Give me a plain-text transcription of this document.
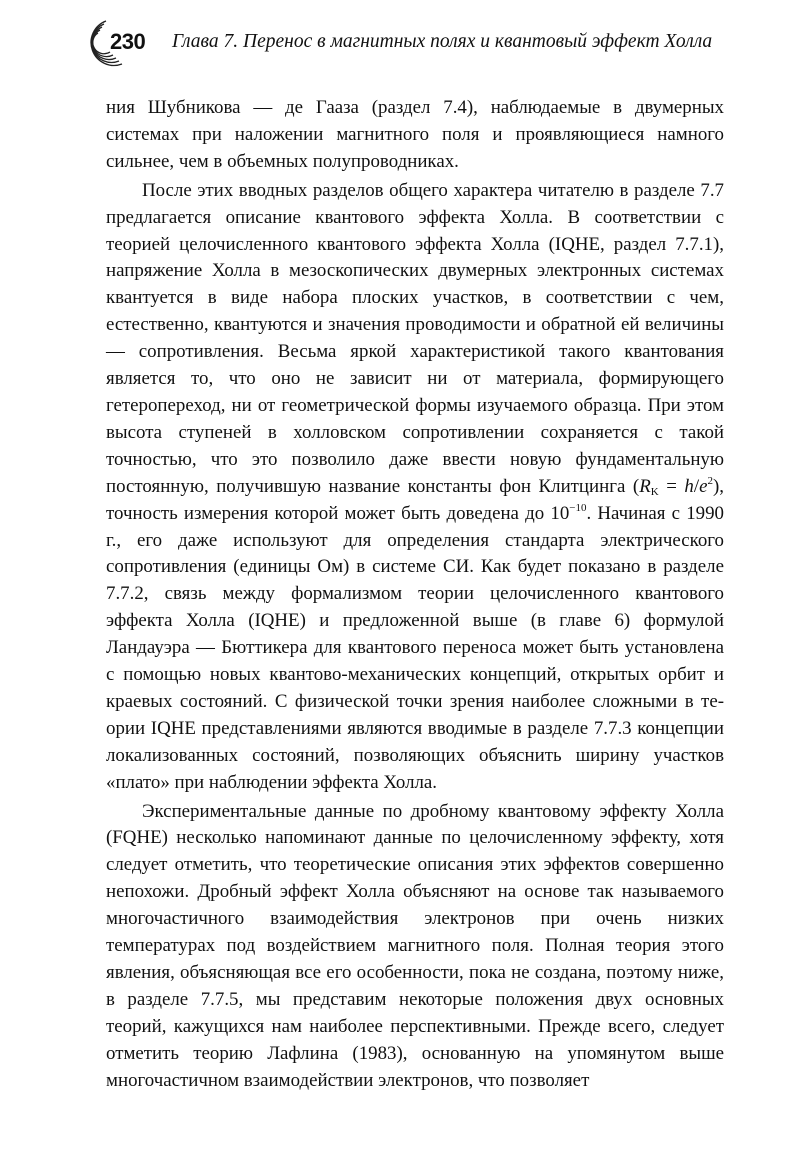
230 Глава 7. Перенос в магнитных полях и квантовый эффект Холла

ния Шубникова — де Гааза (раздел 7.4), наблюдаемые в двумерных системах при наложении магнитного поля и проявляющиеся намного сильнее, чем в объемных полупроводниках.

После этих вводных разделов общего характера читателю в разделе 7.7 предлагается описание квантового эффекта Холла. В соответствии с теорией целочисленного квантового эффекта Холла (IQHE, раздел 7.7.1), напряжение Холла в мезоскопических двумерных электронных системах квантуется в виде набора плоских участков, в соответствии с чем, естественно, квантуются и значения проводимости и обратной ей величины — сопротивления. Весьма яркой характеристикой такого квантования является то, что оно не зависит ни от материала, формирующего гетеропереход, ни от геометрической формы изучаемого образца. При этом высота ступеней в холловском сопротивлении сохраняется с такой точностью, что это позволило даже ввести новую фундаментальную постоянную, получившую название константы фон Клитцинга $(R_K = h/e^2)$, точность измерения которой может быть доведена до $10^{-10}$. Начиная с 1990 г., его даже используют для определения стандарта электрического сопротивления (единицы Ом) в системе СИ. Как будет показано в разделе 7.7.2, связь между формализмом теории целочисленного квантового эффекта Холла (IQHE) и предложенной выше (в главе 6) формулой Ландауэра — Бюттикера для квантового переноса может быть установлена с помощью новых квантово-механических концепций, открытых орбит и краевых состояний. С физической точки зрения наиболее сложными в теории IQHE представлениями являются вводимые в разделе 7.7.3 концепции локализованных состояний, позволяющих объяснить ширину участков «плато» при наблюдении эффекта Холла.

Экспериментальные данные по дробному квантовому эффекту Холла (FQHE) несколько напоминают данные по целочисленному эффекту, хотя следует отметить, что теоретические описания этих эффектов совершенно непохожи. Дробный эффект Холла объясняют на основе так называемого многочастичного взаимодействия электронов при очень низких температурах под воздействием магнитного поля. Полная теория этого явления, объясняющая все его особенности, пока не создана, поэтому ниже, в разделе 7.7.5, мы представим некоторые положения двух основных теорий, кажущихся нам наиболее перспективными. Прежде всего, следует отметить теорию Лафлина (1983), основанную на упомянутом выше многочастичном взаимодействии электронов, что позволяет
